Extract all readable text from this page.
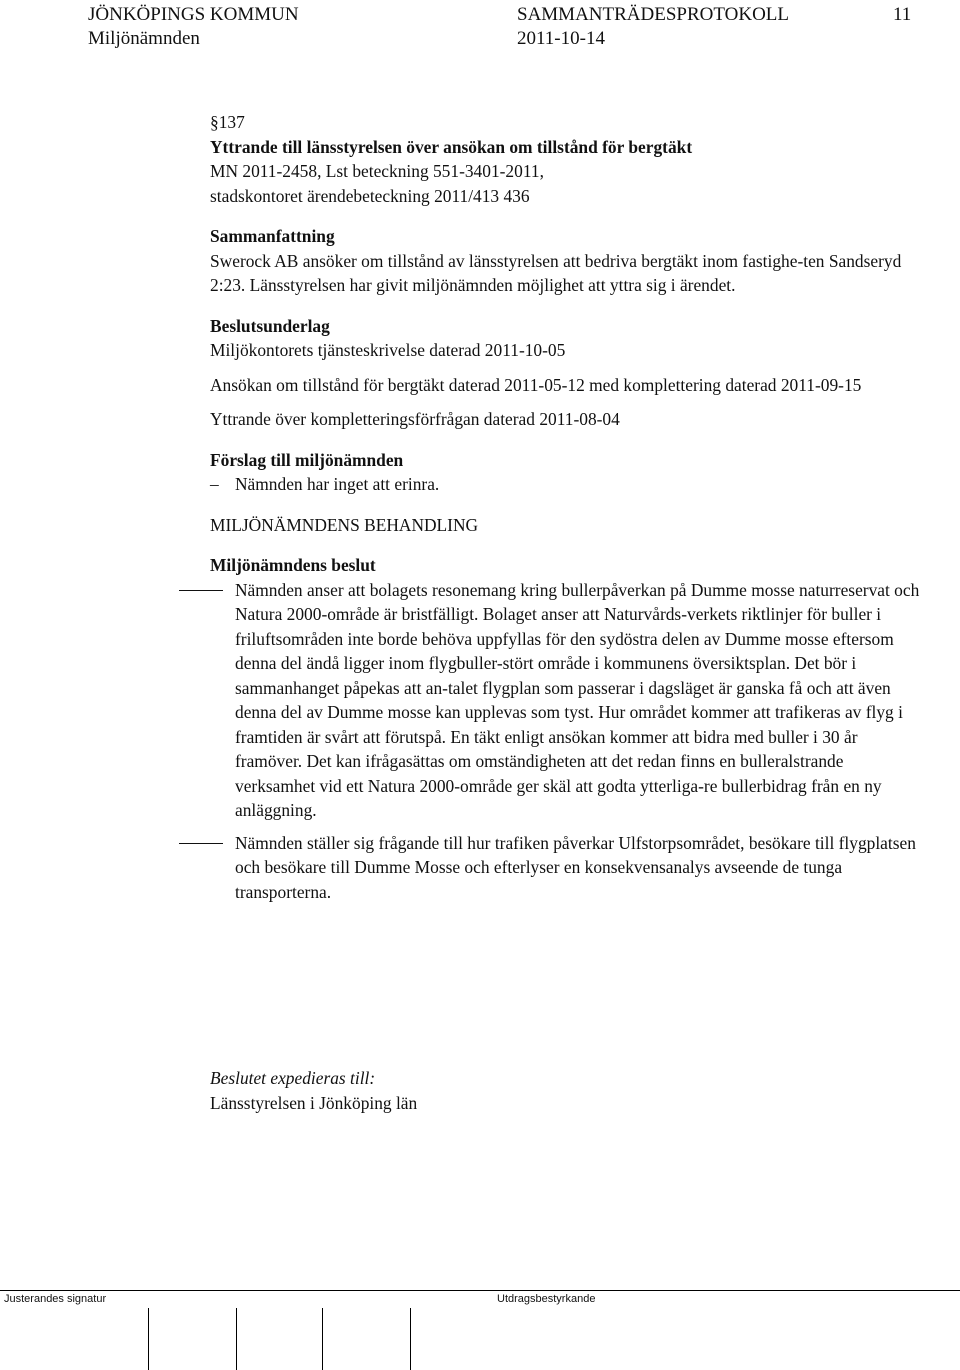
JÖNKÖPINGS KOMMUN	SAMMANTRÄDESPROTOKOLL	11
Miljönämnden	2011-10-14

§137

Yttrande till länsstyrelsen över ansökan om tillstånd för bergtäkt

MN 2011-2458, Lst beteckning 551-3401-2011,

stadskontoret ärendebeteckning 2011/413 436

Sammanfattning

Swerock AB ansöker om tillstånd av länsstyrelsen att bedriva bergtäkt inom fastighe-ten Sandseryd 2:23. Länsstyrelsen har givit miljönämnden möjlighet att yttra sig i ärendet.

Beslutsunderlag

Miljökontorets tjänsteskrivelse daterad 2011-10-05

Ansökan om tillstånd för bergtäkt daterad 2011-05-12 med komplettering daterad 2011-09-15

Yttrande över kompletteringsförfrågan daterad 2011-08-04

Förslag till miljönämnden

– Nämnden har inget att erinra.

MILJÖNÄMNDENS BEHANDLING

Miljönämndens beslut

Nämnden anser att bolagets resonemang kring bullerpåverkan på Dumme mosse naturreservat och Natura 2000-område är bristfälligt. Bolaget anser att Naturvårds-verkets riktlinjer för buller i friluftsområden inte borde behöva uppfyllas för den sydöstra delen av Dumme mosse eftersom denna del ändå ligger inom flygbuller-stört område i kommunens översiktsplan. Det bör i sammanhanget påpekas att an-talet flygplan som passerar i dagsläget är ganska få och att även denna del av Dumme mosse kan upplevas som tyst. Hur området kommer att trafikeras av flyg i framtiden är svårt att förutspå. En täkt enligt ansökan kommer att bidra med buller i 30 år framöver. Det kan ifrågasättas om omständigheten att det redan finns en bulleralstrande verksamhet vid ett Natura 2000-område ger skäl att godta ytterliga-re bullerbidrag från en ny anläggning.
Nämnden ställer sig frågande till hur trafiken påverkar Ulfstorpsområdet, besökare till flygplatsen och besökare till Dumme Mosse och efterlyser en konsekvensanalys avseende de tunga transporterna.

Beslutet expedieras till:

Länsstyrelsen i Jönköping län

Justerandes signatur	Utdragsbestyrkande
